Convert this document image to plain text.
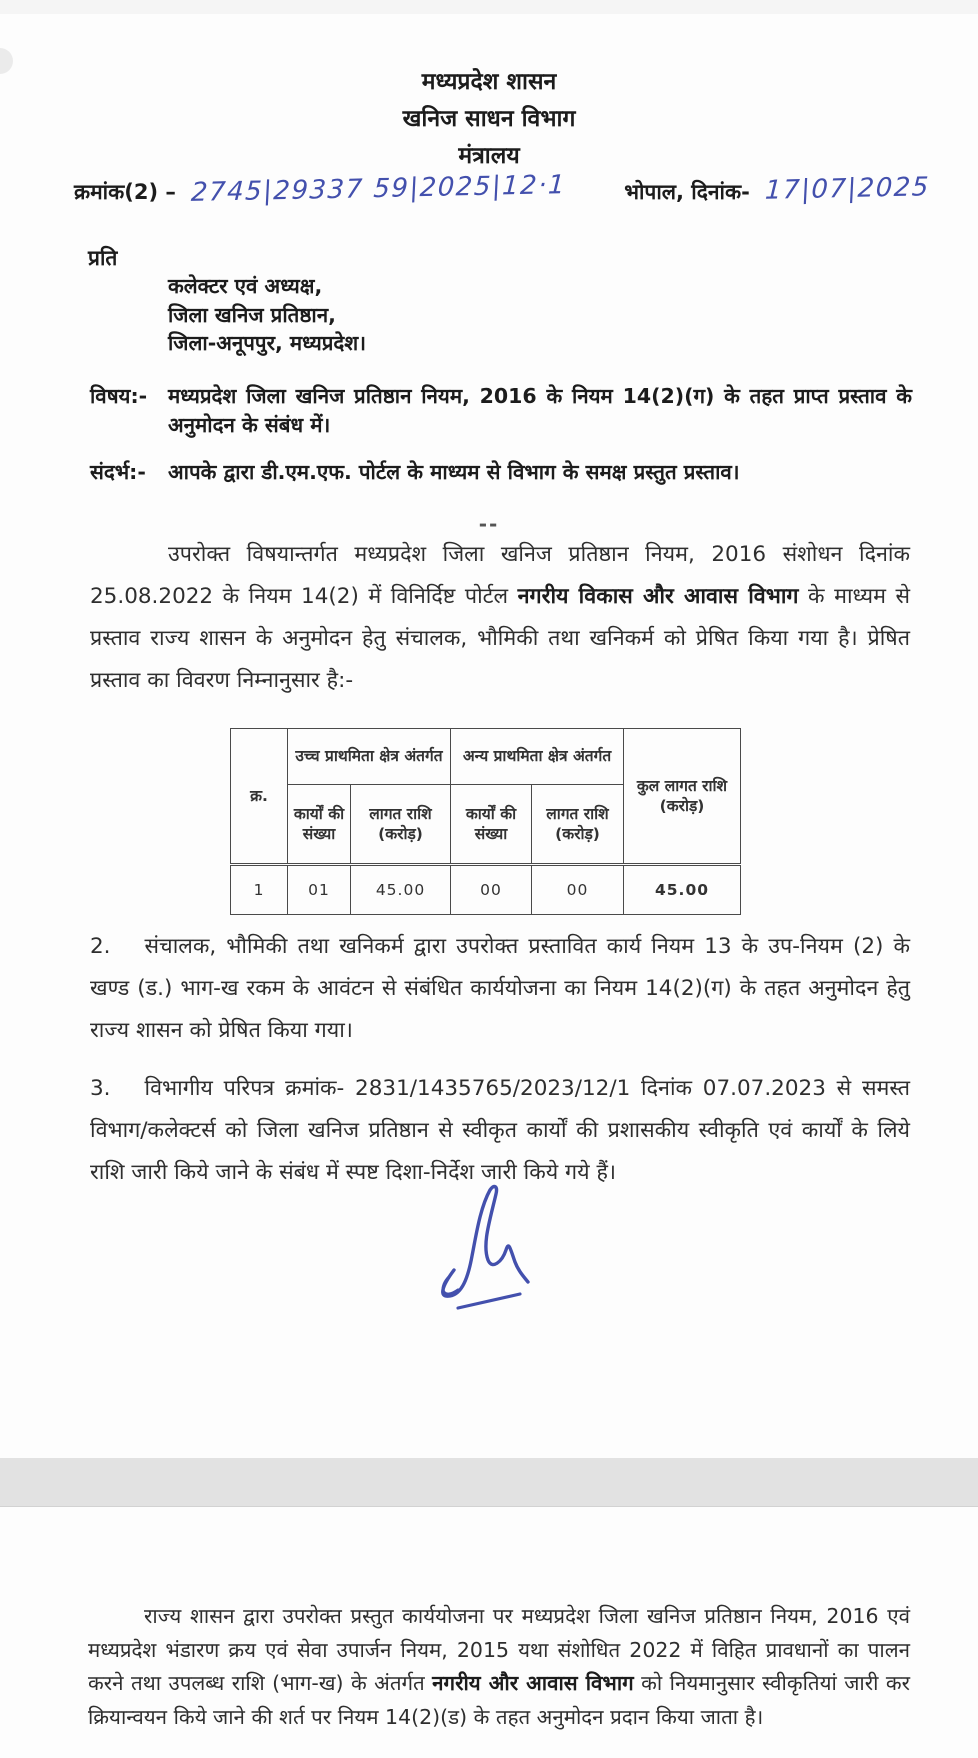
मध्यप्रदेश शासन
खनिज साधन विभाग
मंत्रालय
क्रमांक(2) – 2745|29337 59|2025|12·1	भोपाल, दिनांक- 17|07|2025
प्रति
कलेक्टर एवं अध्यक्ष,
जिला खनिज प्रतिष्ठान,
जिला-अनूपपुर, मध्यप्रदेश।
विषय:-	मध्यप्रदेश जिला खनिज प्रतिष्ठान नियम, 2016 के नियम 14(2)(ग) के तहत प्राप्त प्रस्ताव के अनुमोदन के संबंध में।
संदर्भ:-	आपके द्वारा डी.एम.एफ. पोर्टल के माध्यम से विभाग के समक्ष प्रस्तुत प्रस्ताव।
--

उपरोक्त विषयान्तर्गत मध्यप्रदेश जिला खनिज प्रतिष्ठान नियम, 2016 संशोधन दिनांक 25.08.2022 के नियम 14(2) में विनिर्दिष्ट पोर्टल नगरीय विकास और आवास विभाग के माध्यम से प्रस्ताव राज्य शासन के अनुमोदन हेतु संचालक, भौमिकी तथा खनिकर्म को प्रेषित किया गया है। प्रेषित प्रस्ताव का विवरण निम्नानुसार है:-

क्र.	उच्च प्राथमिता क्षेत्र अंतर्गत		अन्य प्राथमिता क्षेत्र अंतर्गत		कुल लागत राशि (करोड़)
	कार्यों की संख्या	लागत राशि (करोड़)	कार्यों की संख्या	लागत राशि (करोड़)	
1	01	45.00	00	00	45.00

2. संचालक, भौमिकी तथा खनिकर्म द्वारा उपरोक्त प्रस्तावित कार्य नियम 13 के उप-नियम (2) के खण्ड (ड.) भाग-ख रकम के आवंटन से संबंधित कार्ययोजना का नियम 14(2)(ग) के तहत अनुमोदन हेतु राज्य शासन को प्रेषित किया गया।

3. विभागीय परिपत्र क्रमांक- 2831/1435765/2023/12/1 दिनांक 07.07.2023 से समस्त विभाग/कलेक्टर्स को जिला खनिज प्रतिष्ठान से स्वीकृत कार्यों की प्रशासकीय स्वीकृति एवं कार्यों के लिये राशि जारी किये जाने के संबंध में स्पष्ट दिशा-निर्देश जारी किये गये हैं।

राज्य शासन द्वारा उपरोक्त प्रस्तुत कार्ययोजना पर मध्यप्रदेश जिला खनिज प्रतिष्ठान नियम, 2016 एवं मध्यप्रदेश भंडारण क्रय एवं सेवा उपार्जन नियम, 2015 यथा संशोधित 2022 में विहित प्रावधानों का पालन करने तथा उपलब्ध राशि (भाग-ख) के अंतर्गत नगरीय और आवास विभाग को नियमानुसार स्वीकृतियां जारी कर क्रियान्वयन किये जाने की शर्त पर नियम 14(2)(ड) के तहत अनुमोदन प्रदान किया जाता है।
